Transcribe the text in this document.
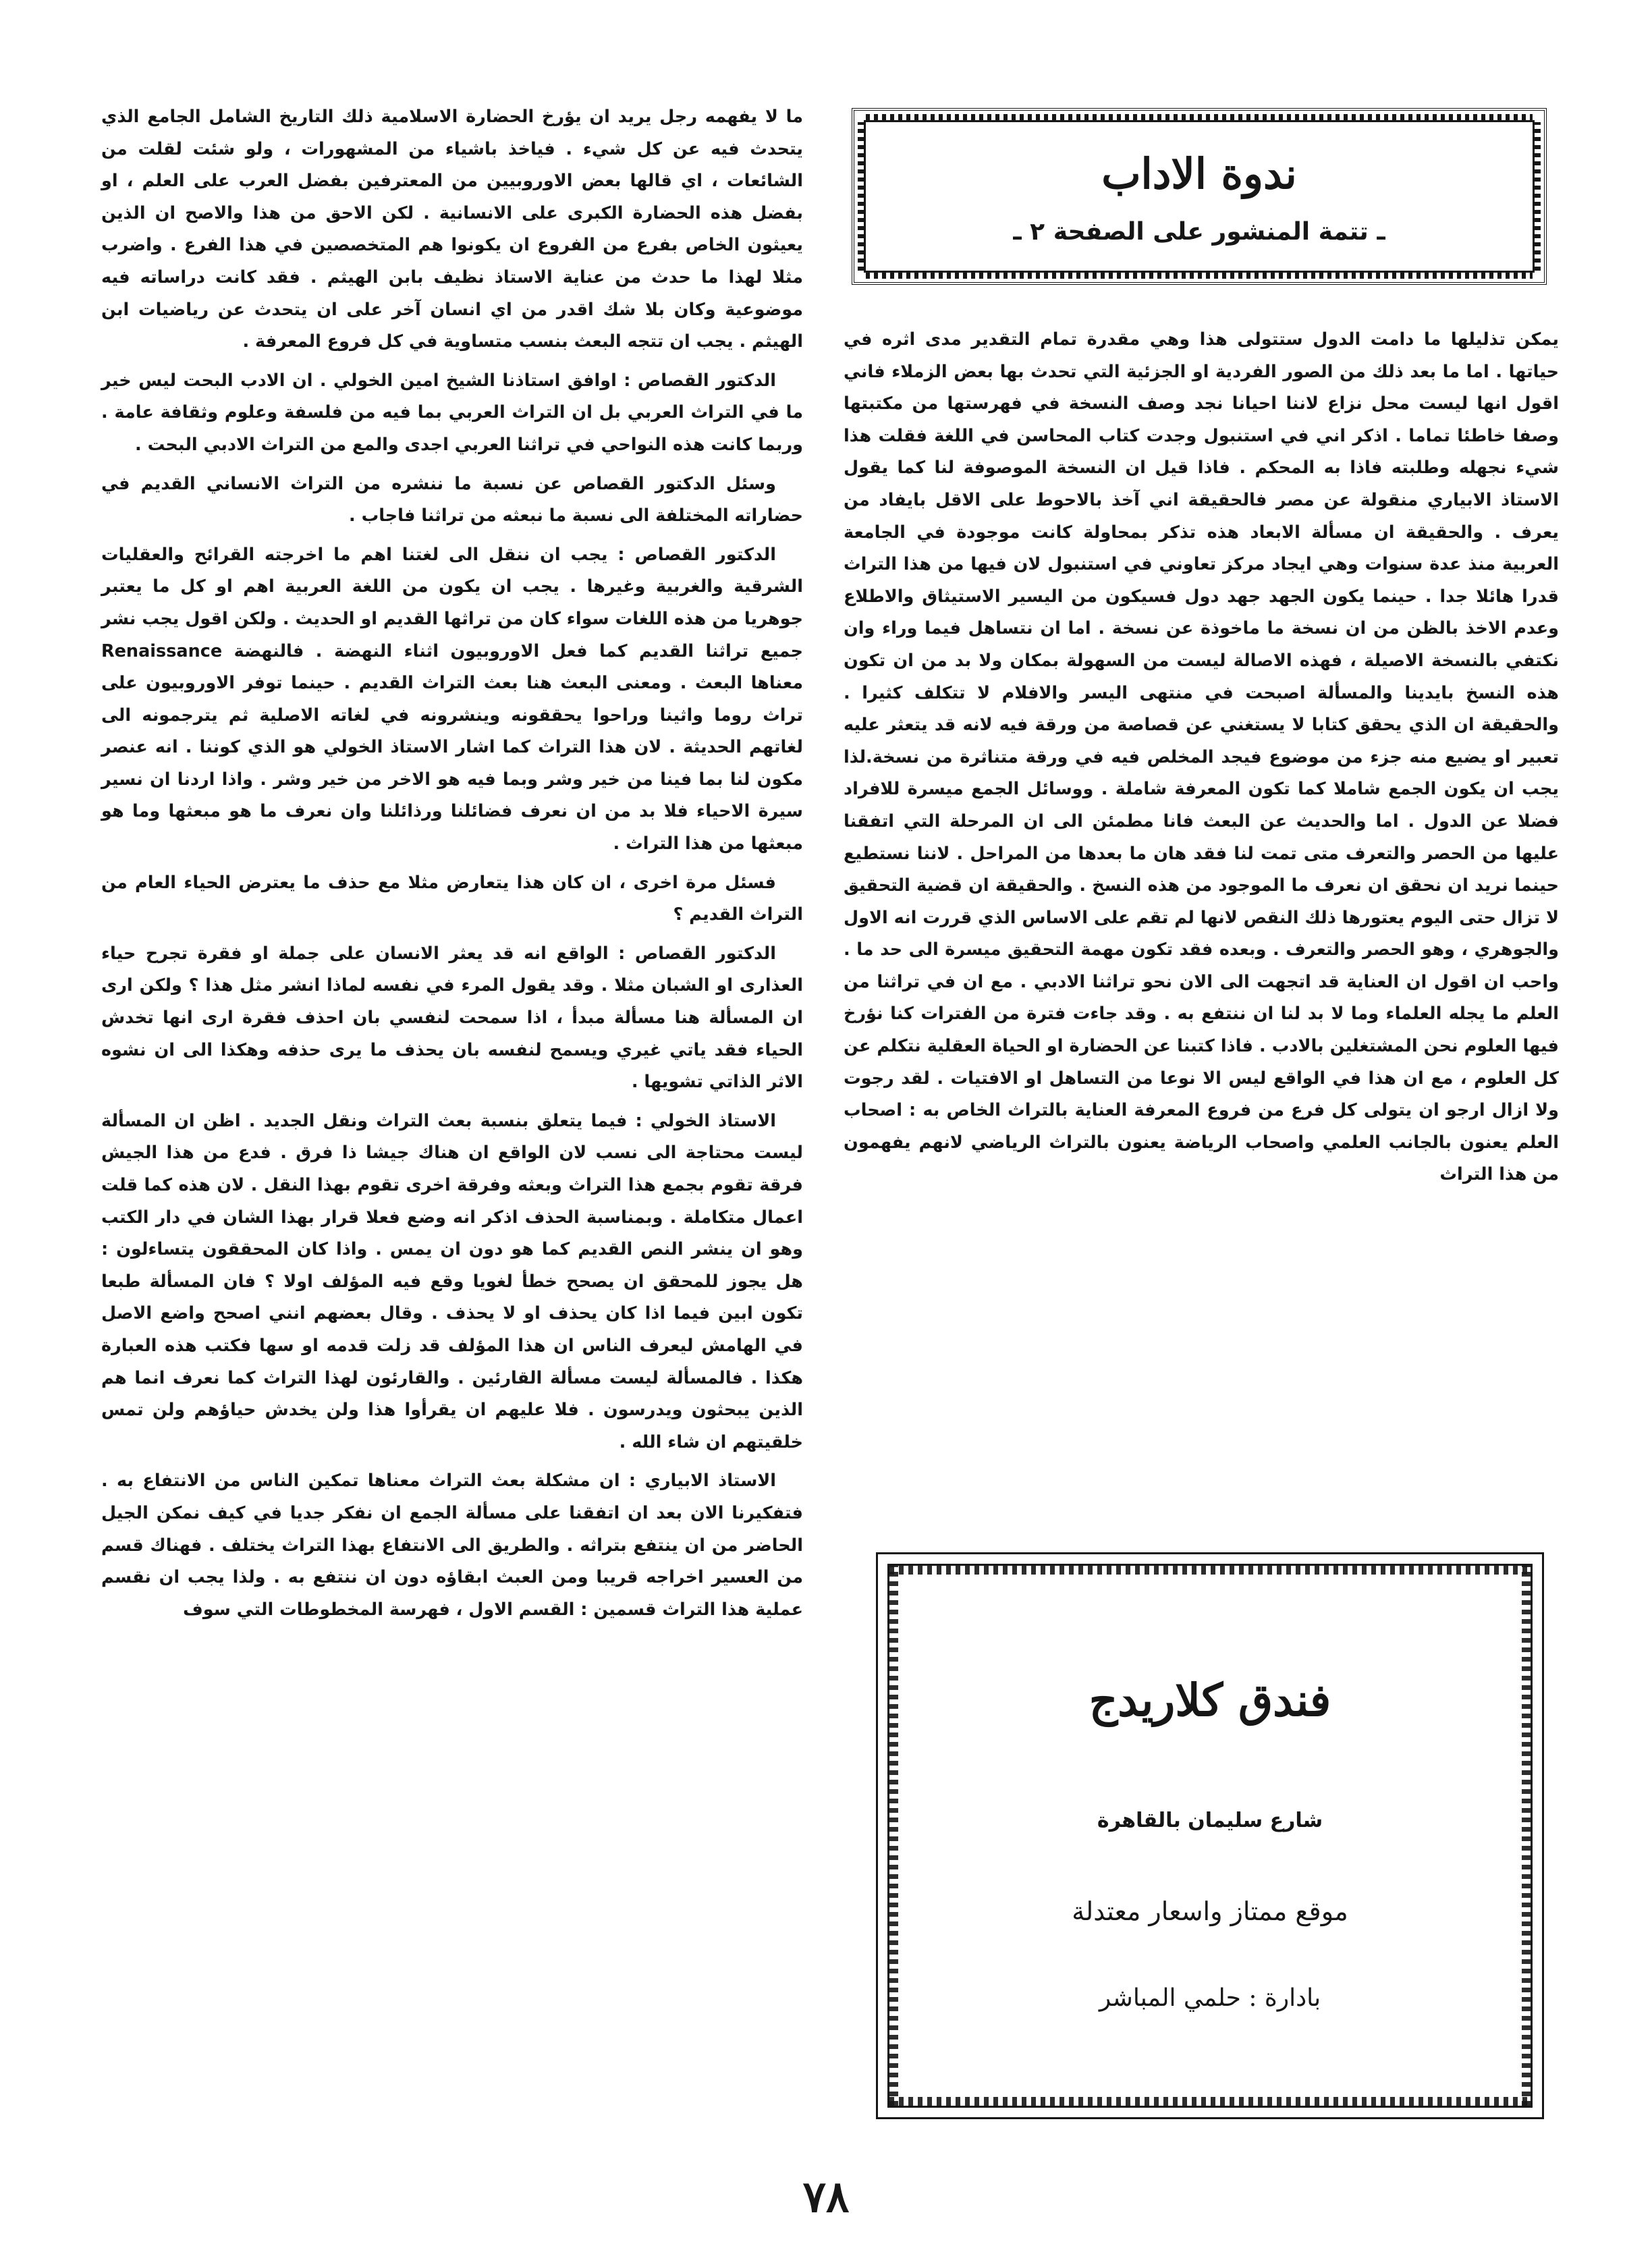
ندوة الاداب
ـ تتمة المنشور على الصفحة ٢ ـ

يمكن تذليلها ما دامت الدول ستتولى هذا وهي مقدرة تمام التقدير مدى اثره في حياتها . اما ما بعد ذلك من الصور الفردية او الجزئية التي تحدث بها بعض الزملاء فاني اقول انها ليست محل نزاع لاننا احيانا نجد وصف النسخة في فهرستها من مكتبتها وصفا خاطئا تماما . اذكر اني في استنبول وجدت كتاب المحاسن في اللغة فقلت هذا شيء نجهله وطلبته فاذا به المحكم . فاذا قيل ان النسخة الموصوفة لنا كما يقول الاستاذ الابياري منقولة عن مصر فالحقيقة اني آخذ بالاحوط على الاقل بايفاد من يعرف . والحقيقة ان مسألة الابعاد هذه تذكر بمحاولة كانت موجودة في الجامعة العربية منذ عدة سنوات وهي ايجاد مركز تعاوني في استنبول لان فيها من هذا التراث قدرا هائلا جدا . حينما يكون الجهد جهد دول فسيكون من اليسير الاستيثاق والاطلاع وعدم الاخذ بالظن من ان نسخة ما ماخوذة عن نسخة . اما ان نتساهل فيما وراء وان نكتفي بالنسخة الاصيلة ، فهذه الاصالة ليست من السهولة بمكان ولا بد من ان تكون هذه النسخ بايدينا والمسألة اصبحت في منتهى اليسر والافلام لا تتكلف كثيرا . والحقيقة ان الذي يحقق كتابا لا يستغني عن قصاصة من ورقة فيه لانه قد يتعثر عليه تعبير او يضيع منه جزء من موضوع فيجد المخلص فيه في ورقة متناثرة من نسخة.لذا يجب ان يكون الجمع شاملا كما تكون المعرفة شاملة . ووسائل الجمع ميسرة للافراد فضلا عن الدول . اما والحديث عن البعث فانا مطمئن الى ان المرحلة التي اتفقنا عليها من الحصر والتعرف متى تمت لنا فقد هان ما بعدها من المراحل . لاننا نستطيع حينما نريد ان نحقق ان نعرف ما الموجود من هذه النسخ . والحقيقة ان قضية التحقيق لا تزال حتى اليوم يعتورها ذلك النقص لانها لم تقم على الاساس الذي قررت انه الاول والجوهري ، وهو الحصر والتعرف . وبعده فقد تكون مهمة التحقيق ميسرة الى حد ما . واحب ان اقول ان العناية قد اتجهت الى الان نحو تراثنا الادبي . مع ان في تراثنا من العلم ما يجله العلماء وما لا بد لنا ان ننتفع به . وقد جاءت فترة من الفترات كنا نؤرخ فيها العلوم نحن المشتغلين بالادب . فاذا كتبنا عن الحضارة او الحياة العقلية نتكلم عن كل العلوم ، مع ان هذا في الواقع ليس الا نوعا من التساهل او الافتيات . لقد رجوت ولا ازال ارجو ان يتولى كل فرع من فروع المعرفة العناية بالتراث الخاص به : اصحاب العلم يعنون بالجانب العلمي واصحاب الرياضة يعنون بالتراث الرياضي لانهم يفهمون من هذا التراث

ما لا يفهمه رجل يريد ان يؤرخ الحضارة الاسلامية ذلك التاريخ الشامل الجامع الذي يتحدث فيه عن كل شيء . فياخذ باشياء من المشهورات ، ولو شئت لقلت من الشائعات ، اي قالها بعض الاوروبيين من المعترفين بفضل العرب على العلم ، او بفضل هذه الحضارة الكبرى على الانسانية . لكن الاحق من هذا والاصح ان الذين يعيثون الخاص بفرع من الفروع ان يكونوا هم المتخصصين في هذا الفرع . واضرب مثلا لهذا ما حدث من عناية الاستاذ نظيف بابن الهيثم . فقد كانت دراساته فيه موضوعية وكان بلا شك اقدر من اي انسان آخر على ان يتحدث عن رياضيات ابن الهيثم . يجب ان تتجه البعث بنسب متساوية في كل فروع المعرفة .

الدكتور القصاص : اوافق استاذنا الشيخ امين الخولي . ان الادب البحت ليس خير ما في التراث العربي بل ان التراث العربي بما فيه من فلسفة وعلوم وثقافة عامة . وربما كانت هذه النواحي في تراثنا العربي اجدى والمع من التراث الادبي البحت .

وسئل الدكتور القصاص عن نسبة ما ننشره من التراث الانساني القديم في حضاراته المختلفة الى نسبة ما نبعثه من تراثنا فاجاب .

الدكتور القصاص : يجب ان ننقل الى لغتنا اهم ما اخرجته القرائح والعقليات الشرقية والغربية وغيرها . يجب ان يكون من اللغة العربية اهم او كل ما يعتبر جوهريا من هذه اللغات سواء كان من تراثها القديم او الحديث . ولكن اقول يجب نشر جميع تراثنا القديم كما فعل الاوروبيون اثناء النهضة . فالنهضة Renaissance معناها البعث . ومعنى البعث هنا بعث التراث القديم . حينما توفر الاوروبيون على تراث روما واثينا وراحوا يحققونه وينشرونه في لغاته الاصلية ثم يترجمونه الى لغاتهم الحديثة . لان هذا التراث كما اشار الاستاذ الخولي هو الذي كوننا . انه عنصر مكون لنا بما فينا من خير وشر وبما فيه هو الاخر من خير وشر . واذا اردنا ان نسير سيرة الاحياء فلا بد من ان نعرف فضائلنا ورذائلنا وان نعرف ما هو مبعثها وما هو مبعثها من هذا التراث .

فسئل مرة اخرى ، ان كان هذا يتعارض مثلا مع حذف ما يعترض الحياء العام من التراث القديم ؟

الدكتور القصاص : الواقع انه قد يعثر الانسان على جملة او فقرة تجرح حياء العذارى او الشبان مثلا . وقد يقول المرء في نفسه لماذا انشر مثل هذا ؟ ولكن ارى ان المسألة هنا مسألة مبدأ ، اذا سمحت لنفسي بان احذف فقرة ارى انها تخدش الحياء فقد ياتي غيري ويسمح لنفسه بان يحذف ما يرى حذفه وهكذا الى ان نشوه الاثر الذاتي تشويها .

الاستاذ الخولي : فيما يتعلق بنسبة بعث التراث ونقل الجديد . اظن ان المسألة ليست محتاجة الى نسب لان الواقع ان هناك جيشا ذا فرق . فدع من هذا الجيش فرقة تقوم بجمع هذا التراث وبعثه وفرقة اخرى تقوم بهذا النقل . لان هذه كما قلت اعمال متكاملة . وبمناسبة الحذف اذكر انه وضع فعلا قرار بهذا الشان في دار الكتب وهو ان ينشر النص القديم كما هو دون ان يمس . واذا كان المحققون يتساءلون : هل يجوز للمحقق ان يصحح خطأ لغويا وقع فيه المؤلف اولا ؟ فان المسألة طبعا تكون ابين فيما اذا كان يحذف او لا يحذف . وقال بعضهم انني اصحح واضع الاصل في الهامش ليعرف الناس ان هذا المؤلف قد زلت قدمه او سها فكتب هذه العبارة هكذا . فالمسألة ليست مسألة القارئين . والقارئون لهذا التراث كما نعرف انما هم الذين يبحثون ويدرسون . فلا عليهم ان يقرأوا هذا ولن يخدش حياؤهم ولن تمس خلقيتهم ان شاء الله .

الاستاذ الابياري : ان مشكلة بعث التراث معناها تمكين الناس من الانتفاع به . فتفكيرنا الان بعد ان اتفقنا على مسألة الجمع ان نفكر جديا في كيف نمكن الجيل الحاضر من ان ينتفع بتراثه . والطريق الى الانتفاع بهذا التراث يختلف . فهناك قسم من العسير اخراجه قريبا ومن العبث ابقاؤه دون ان ننتفع به . ولذا يجب ان نقسم عملية هذا التراث قسمين : القسم الاول ، فهرسة المخطوطات التي سوف

فندق كلاريدج
شارع سليمان بالقاهرة
موقع ممتاز واسعار معتدلة
بادارة : حلمي المباشر
٧٨
